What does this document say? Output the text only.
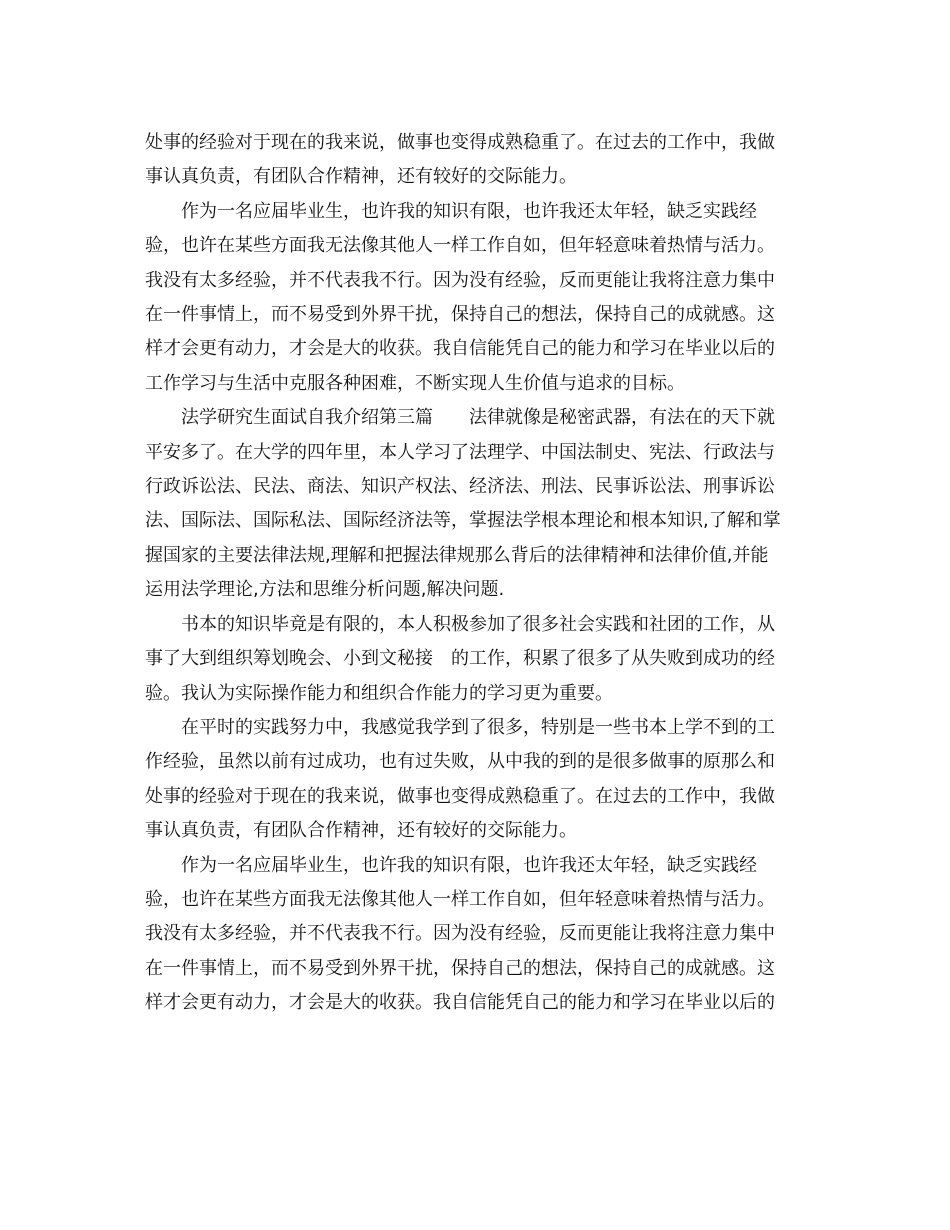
处事的经验对于现在的我来说，做事也变得成熟稳重了。在过去的工作中，我做
事认真负责，有团队合作精神，还有较好的交际能力。

作为一名应届毕业生，也许我的知识有限，也许我还太年轻，缺乏实践经
验，也许在某些方面我无法像其他人一样工作自如，但年轻意味着热情与活力。
我没有太多经验，并不代表我不行。因为没有经验，反而更能让我将注意力集中
在一件事情上，而不易受到外界干扰，保持自己的想法，保持自己的成就感。这
样才会更有动力，才会是大的收获。我自信能凭自己的能力和学习在毕业以后的
工作学习与生活中克服各种困难，不断实现人生价值与追求的目标。

法学研究生面试自我介绍第三篇　　法律就像是秘密武器，有法在的天下就
平安多了。在大学的四年里，本人学习了法理学、中国法制史、宪法、行政法与
行政诉讼法、民法、商法、知识产权法、经济法、刑法、民事诉讼法、刑事诉讼
法、国际法、国际私法、国际经济法等，掌握法学根本理论和根本知识,了解和掌
握国家的主要法律法规,理解和把握法律规那么背后的法律精神和法律价值,并能
运用法学理论,方法和思维分析问题,解决问题.

书本的知识毕竟是有限的，本人积极参加了很多社会实践和社团的工作，从
事了大到组织筹划晚会、小到文秘接　的工作，积累了很多了从失败到成功的经
验。我认为实际操作能力和组织合作能力的学习更为重要。

在平时的实践努力中，我感觉我学到了很多，特别是一些书本上学不到的工
作经验，虽然以前有过成功，也有过失败，从中我的到的是很多做事的原那么和
处事的经验对于现在的我来说，做事也变得成熟稳重了。在过去的工作中，我做
事认真负责，有团队合作精神，还有较好的交际能力。

作为一名应届毕业生，也许我的知识有限，也许我还太年轻，缺乏实践经
验，也许在某些方面我无法像其他人一样工作自如，但年轻意味着热情与活力。
我没有太多经验，并不代表我不行。因为没有经验，反而更能让我将注意力集中
在一件事情上，而不易受到外界干扰，保持自己的想法，保持自己的成就感。这
样才会更有动力，才会是大的收获。我自信能凭自己的能力和学习在毕业以后的
